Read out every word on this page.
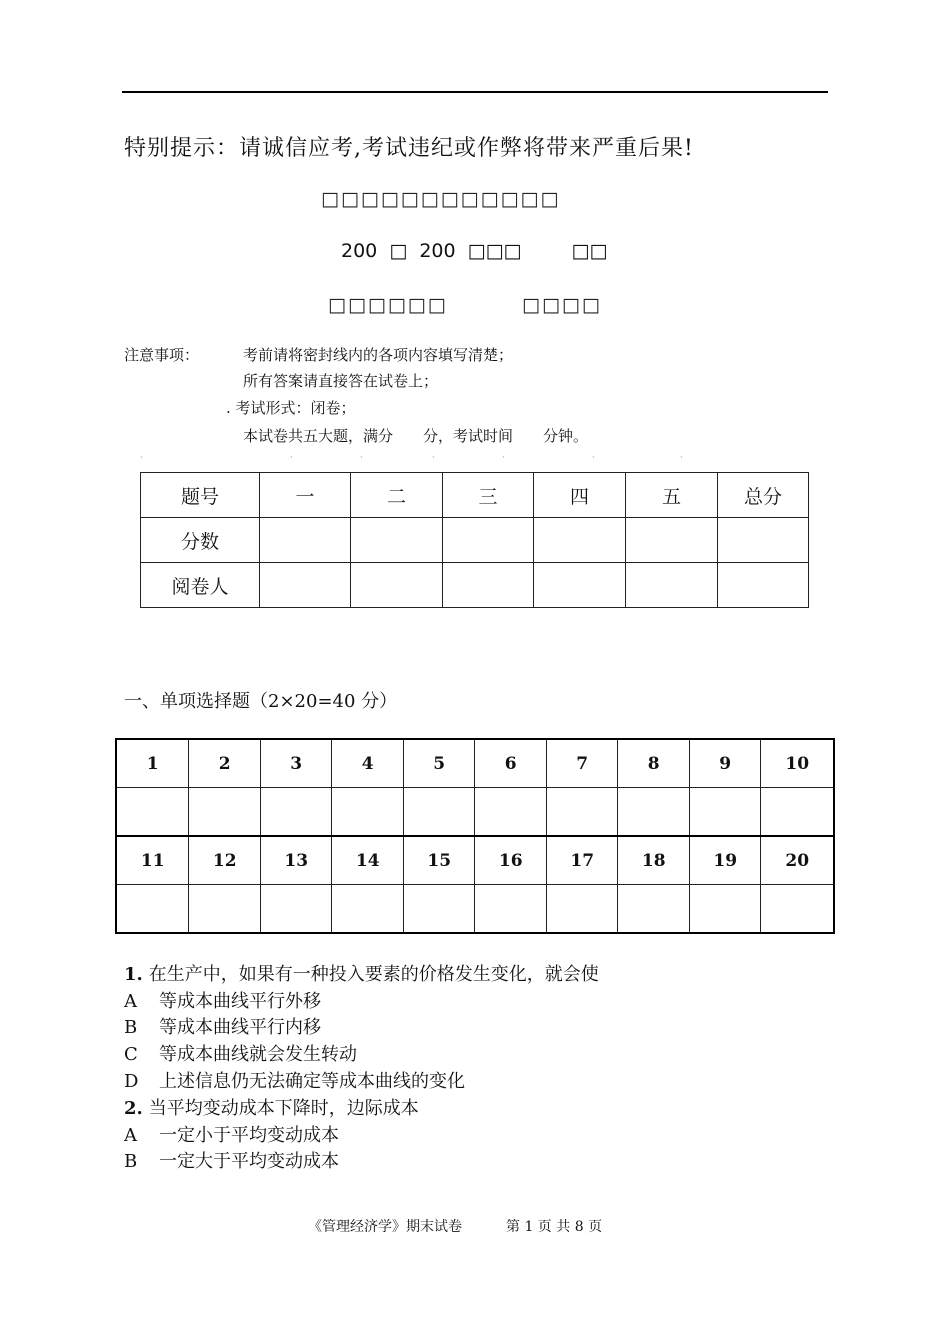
特别提示：请诚信应考,考试违纪或作弊将带来严重后果!
□□□□□□□□□□□□
200 □ 200 □□□	□□
□□□□□□	□□□□
注意事项：	考前请将密封线内的各项内容填写清楚；
所有答案请直接答在试卷上；
. 考试形式：闭卷；
本试卷共五大题，满分　　分，考试时间　　分钟。
·	·	·	·	·	·	·
题号	一	二	三	四	五	总分
分数						
阅卷人						
一、单项选择题（2×20=40 分）
1	2	3	4	5	6	7	8	9	10

11	12	13	14	15	16	17	18	19	20

1. 在生产中，如果有一种投入要素的价格发生变化，就会使
A 等成本曲线平行外移
B 等成本曲线平行内移
C 等成本曲线就会发生转动
D 上述信息仍无法确定等成本曲线的变化
2. 当平均变动成本下降时，边际成本
A 一定小于平均变动成本
B 一定大于平均变动成本
《管理经济学》期末试卷	第 1 页 共 8 页
